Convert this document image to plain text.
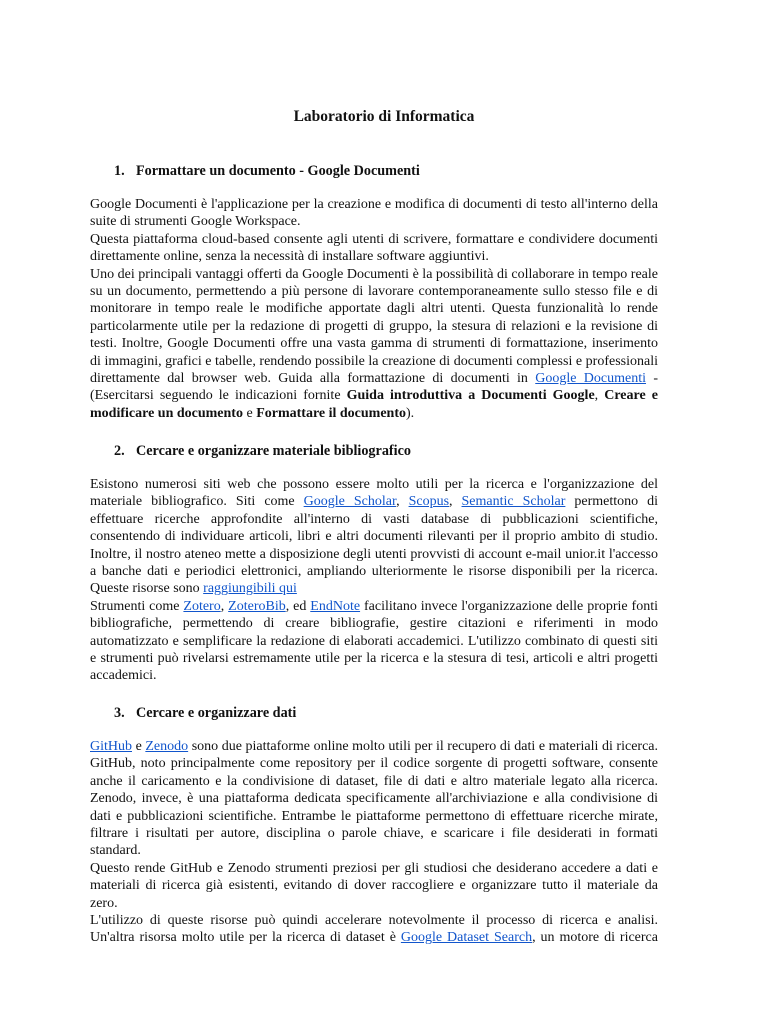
Laboratorio di Informatica
1. Formattare un documento - Google Documenti
Google Documenti è l'applicazione per la creazione e modifica di documenti di testo all'interno della
suite di strumenti Google Workspace.
Questa piattaforma cloud-based consente agli utenti di scrivere, formattare e condividere documenti
direttamente online, senza la necessità di installare software aggiuntivi.
Uno dei principali vantaggi offerti da Google Documenti è la possibilità di collaborare in tempo reale
su un documento, permettendo a più persone di lavorare contemporaneamente sullo stesso file e di
monitorare in tempo reale le modifiche apportate dagli altri utenti. Questa funzionalità lo rende
particolarmente utile per la redazione di progetti di gruppo, la stesura di relazioni e la revisione di
testi. Inoltre, Google Documenti offre una vasta gamma di strumenti di formattazione, inserimento
di immagini, grafici e tabelle, rendendo possibile la creazione di documenti complessi e professionali
direttamente dal browser web. Guida alla formattazione di documenti in Google Documenti -
(Esercitarsi seguendo le indicazioni fornite Guida introduttiva a Documenti Google, Creare e
modificare un documento e Formattare il documento).
2. Cercare e organizzare materiale bibliografico
Esistono numerosi siti web che possono essere molto utili per la ricerca e l'organizzazione del
materiale bibliografico. Siti come Google Scholar, Scopus, Semantic Scholar permettono di
effettuare ricerche approfondite all'interno di vasti database di pubblicazioni scientifiche,
consentendo di individuare articoli, libri e altri documenti rilevanti per il proprio ambito di studio.
Inoltre, il nostro ateneo mette a disposizione degli utenti provvisti di account e-mail unior.it l'accesso
a banche dati e periodici elettronici, ampliando ulteriormente le risorse disponibili per la ricerca.
Queste risorse sono raggiungibili qui
Strumenti come Zotero, ZoteroBib, ed EndNote facilitano invece l'organizzazione delle proprie fonti
bibliografiche, permettendo di creare bibliografie, gestire citazioni e riferimenti in modo
automatizzato e semplificare la redazione di elaborati accademici. L'utilizzo combinato di questi siti
e strumenti può rivelarsi estremamente utile per la ricerca e la stesura di tesi, articoli e altri progetti
accademici.
3. Cercare e organizzare dati
GitHub e Zenodo sono due piattaforme online molto utili per il recupero di dati e materiali di ricerca.
GitHub, noto principalmente come repository per il codice sorgente di progetti software, consente
anche il caricamento e la condivisione di dataset, file di dati e altro materiale legato alla ricerca.
Zenodo, invece, è una piattaforma dedicata specificamente all'archiviazione e alla condivisione di
dati e pubblicazioni scientifiche. Entrambe le piattaforme permettono di effettuare ricerche mirate,
filtrare i risultati per autore, disciplina o parole chiave, e scaricare i file desiderati in formati standard.
Questo rende GitHub e Zenodo strumenti preziosi per gli studiosi che desiderano accedere a dati e
materiali di ricerca già esistenti, evitando di dover raccogliere e organizzare tutto il materiale da zero.
L'utilizzo di queste risorse può quindi accelerare notevolmente il processo di ricerca e analisi.
Un'altra risorsa molto utile per la ricerca di dataset è Google Dataset Search, un motore di ricerca
